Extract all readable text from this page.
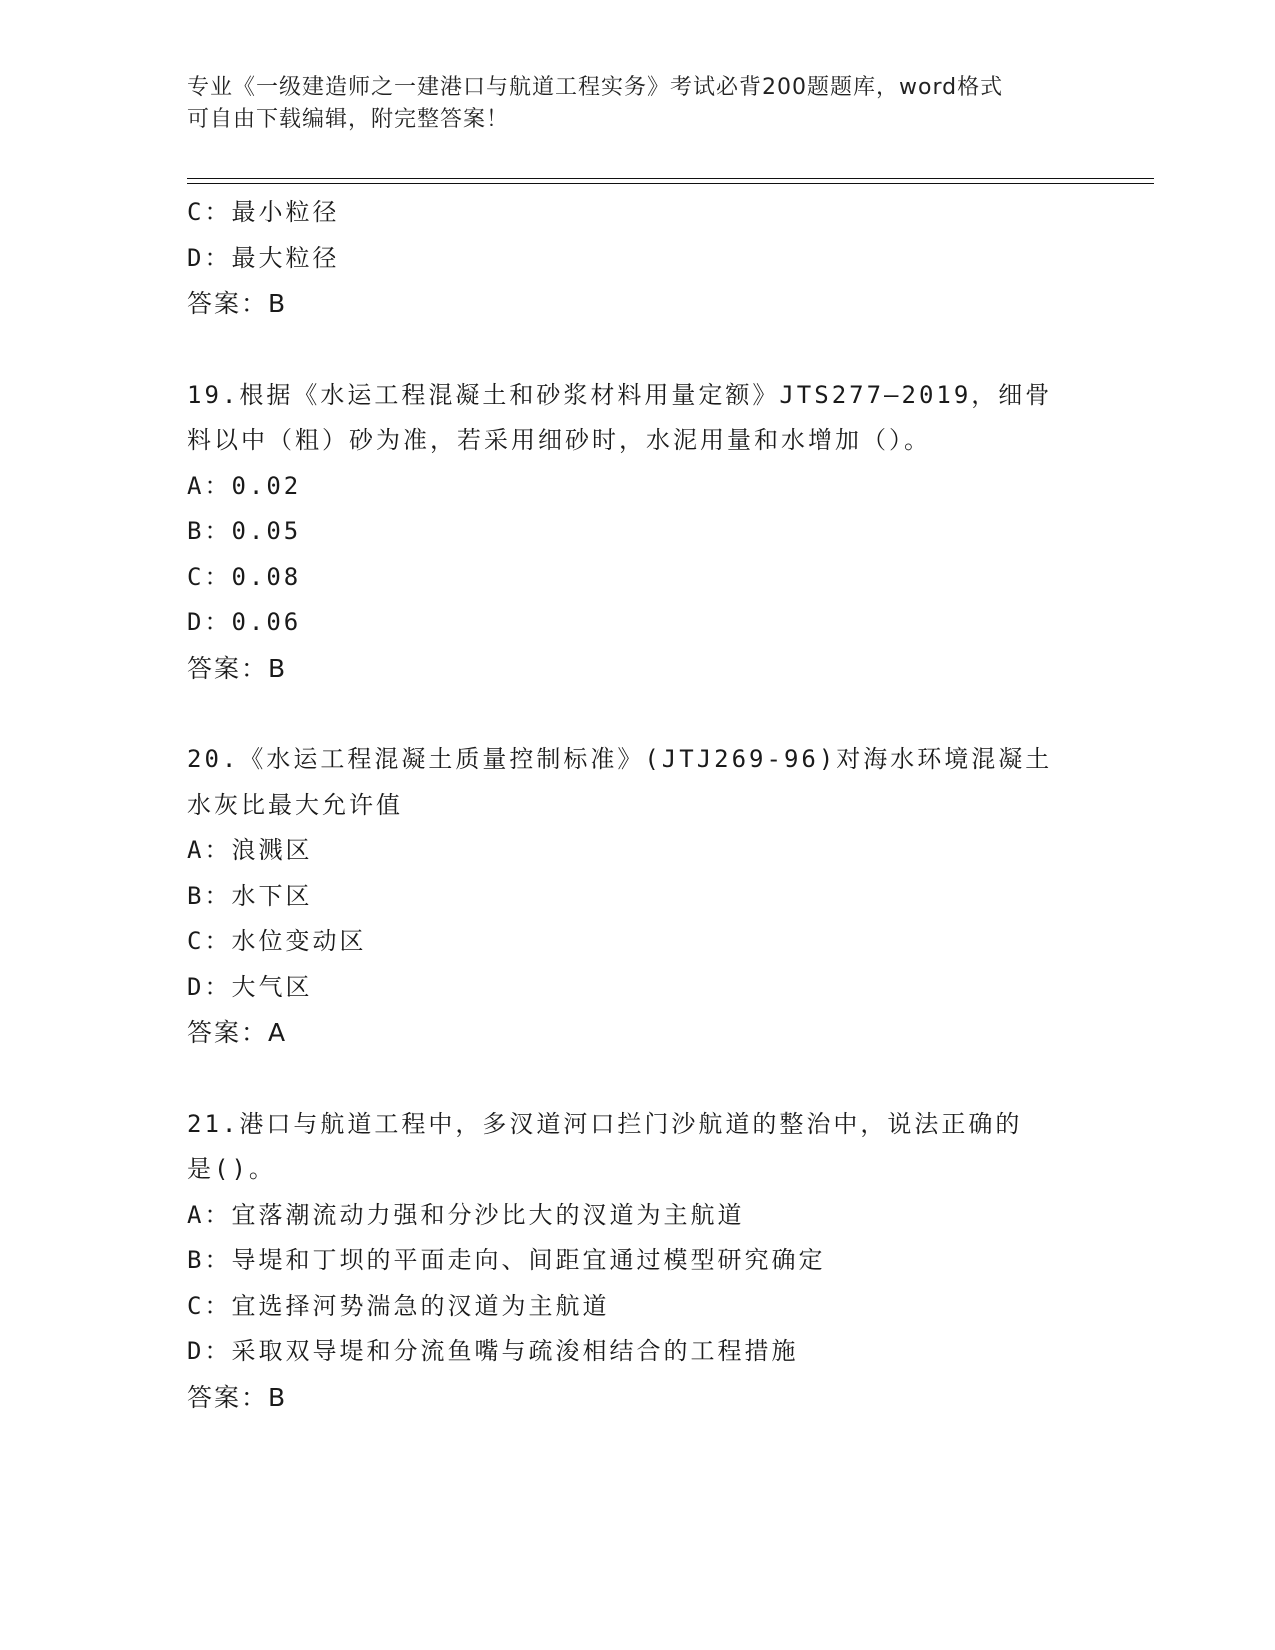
专业《一级建造师之一建港口与航道工程实务》考试必背200题题库，word格式
可自由下载编辑，附完整答案！
C：最小粒径
D：最大粒径
答案：B
19.根据《水运工程混凝土和砂浆材料用量定额》JTS277—2019，细骨
料以中（粗）砂为准，若采用细砂时，水泥用量和水增加（）。
A：0.02
B：0.05
C：0.08
D：0.06
答案：B
20.《水运工程混凝土质量控制标准》(JTJ269-96)对海水环境混凝土
水灰比最大允许值
A：浪溅区
B：水下区
C：水位变动区
D：大气区
答案：A
21.港口与航道工程中，多汊道河口拦门沙航道的整治中，说法正确的
是()。
A：宜落潮流动力强和分沙比大的汊道为主航道
B：导堤和丁坝的平面走向、间距宜通过模型研究确定
C：宜选择河势湍急的汊道为主航道
D：采取双导堤和分流鱼嘴与疏浚相结合的工程措施
答案：B
